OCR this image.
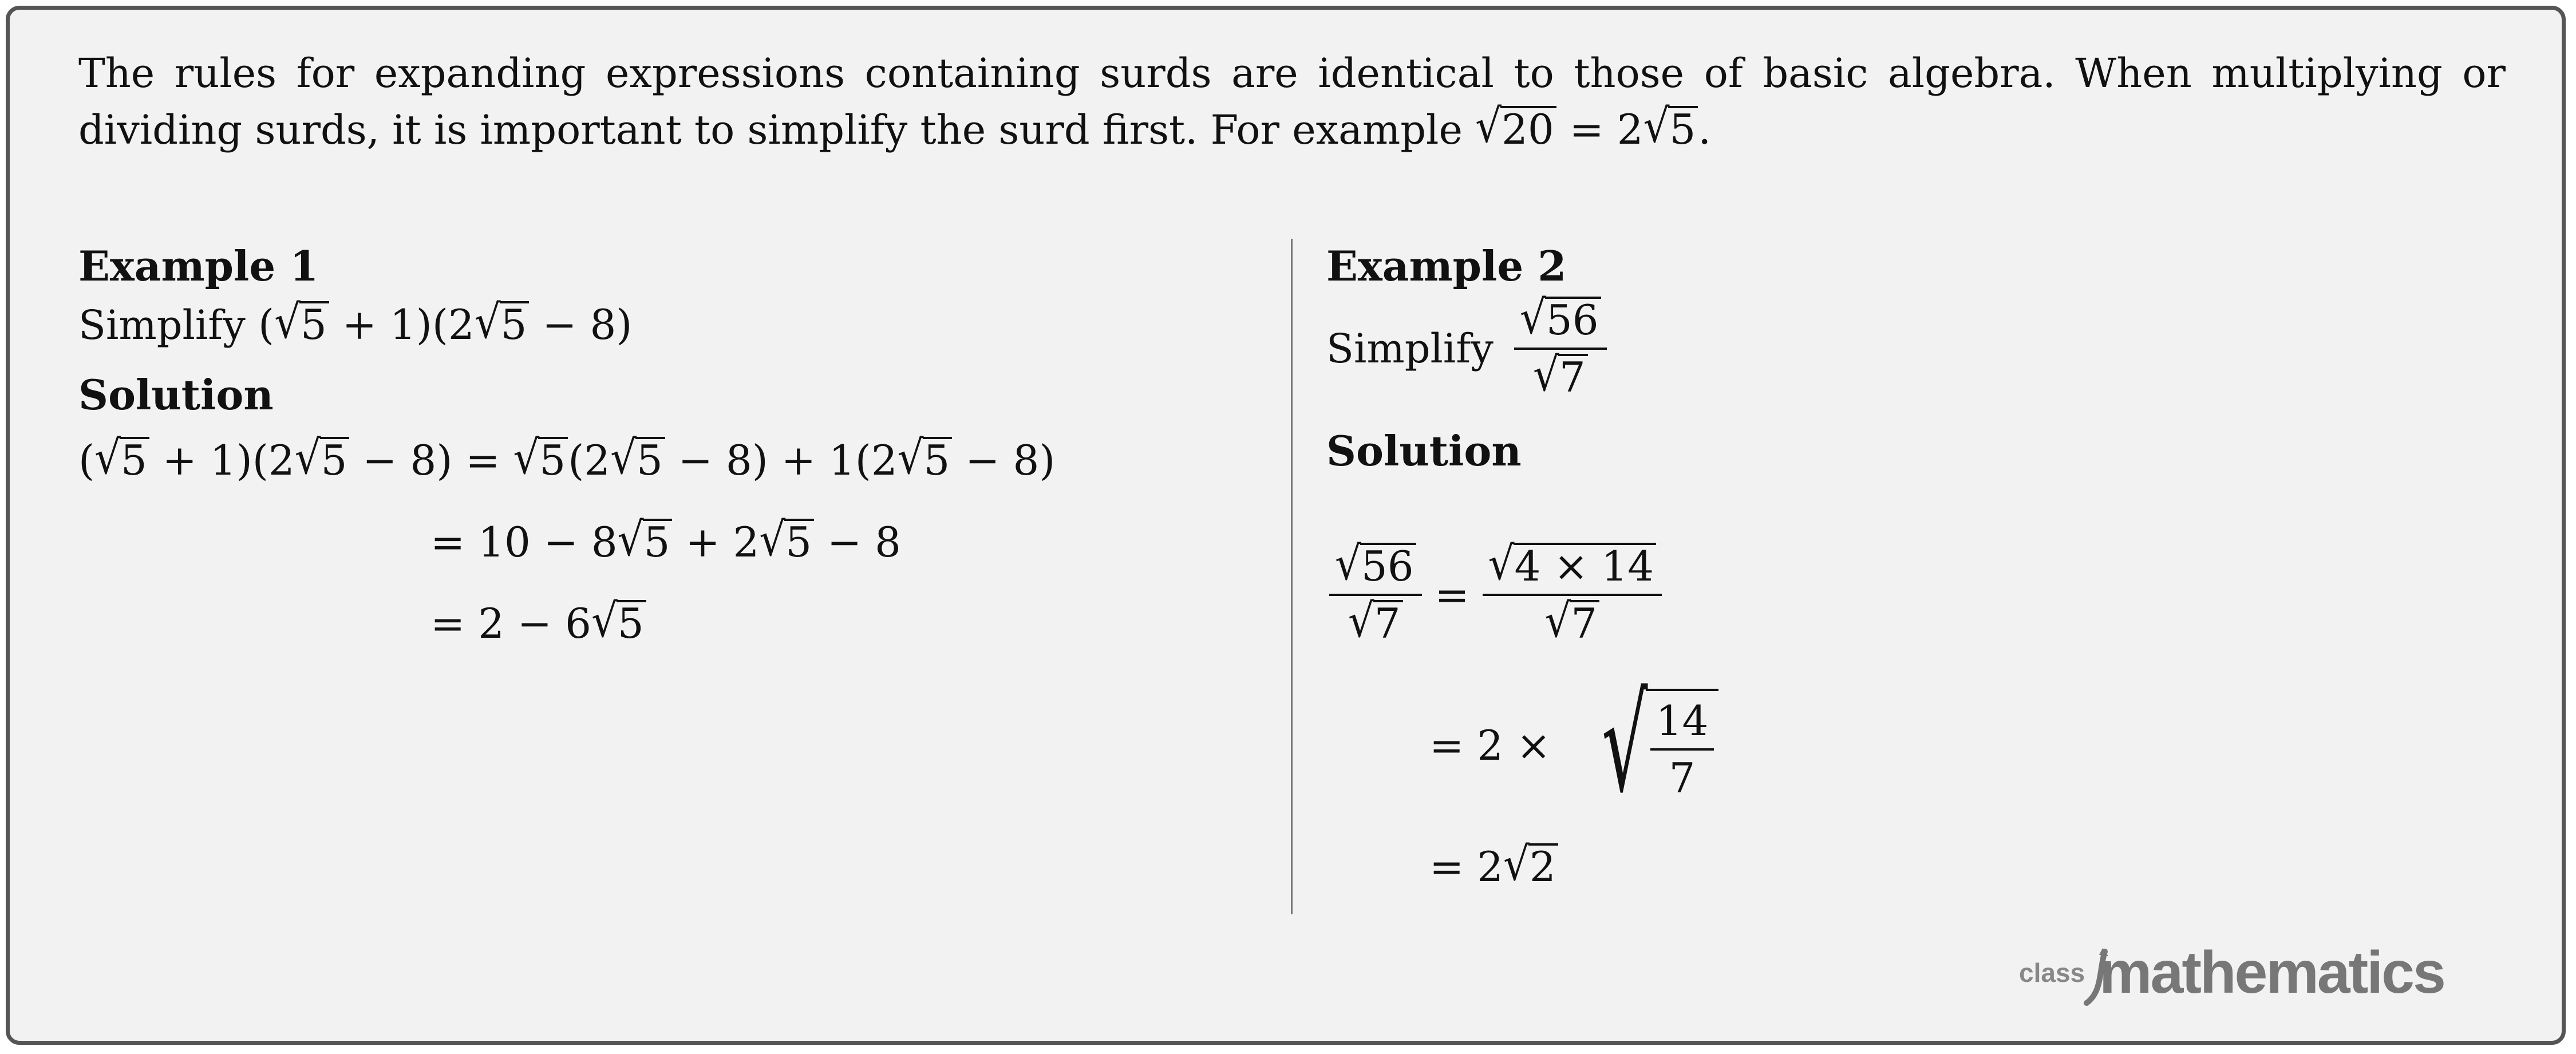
The rules for expanding expressions containing surds are identical to those of basic algebra. When multiplying or
dividing surds, it is important to simplify the surd first. For example √20 = 2√5.
Example 1
Simplify (√5 + 1)(2√5 − 8)
Solution
(√5 + 1)(2√5 − 8) = √5(2√5 − 8) + 1(2√5 − 8)
= 10 − 8√5 + 2√5 − 8
= 2 − 6√5
Example 2
Simplify $\frac{√56}{√7}$
Solution
$\frac{√56}{√7} = \frac{√4 \times 14}{√7}$
= 2 × √ $\frac{14}{7}$
= 2√2
class mathematics
